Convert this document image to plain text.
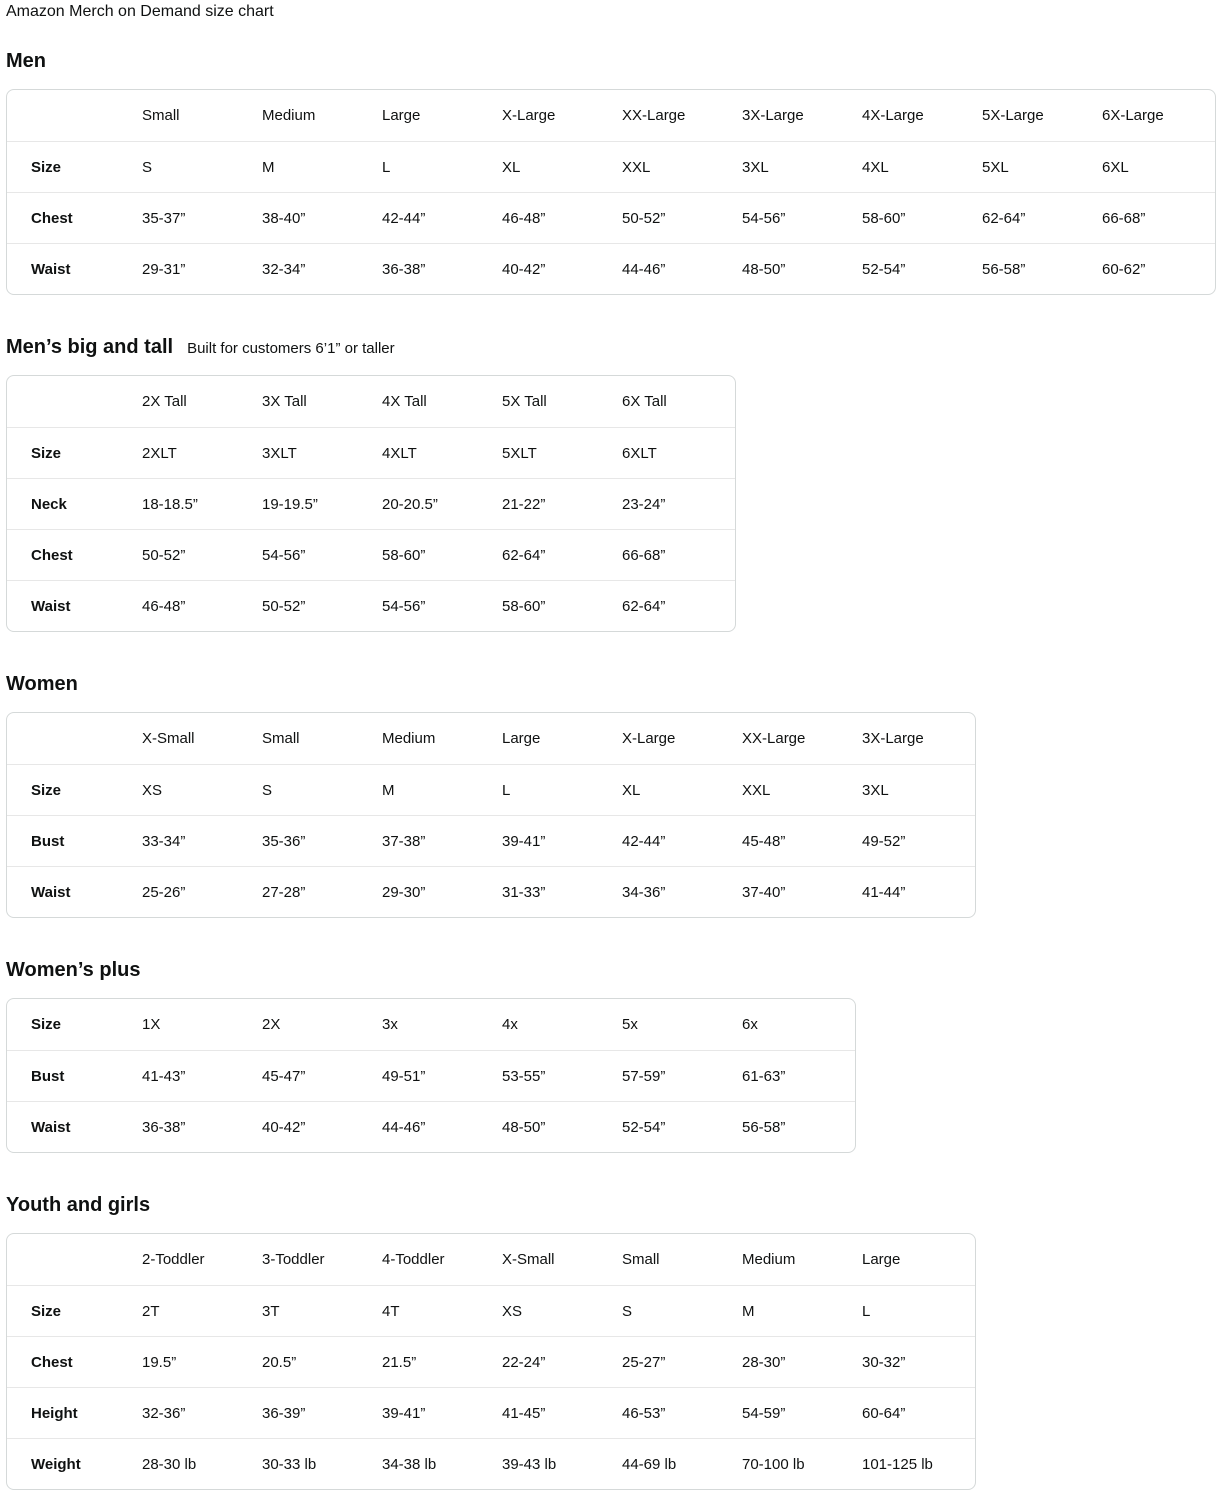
Amazon Merch on Demand size chart
Men
	Small	Medium	Large	X-Large	XX-Large	3X-Large	4X-Large	5X-Large	6X-Large
Size	S	M	L	XL	XXL	3XL	4XL	5XL	6XL
Chest	35-37”	38-40”	42-44”	46-48”	50-52”	54-56”	58-60”	62-64”	66-68”
Waist	29-31”	32-34”	36-38”	40-42”	44-46”	48-50”	52-54”	56-58”	60-62”
Men’s big and tall Built for customers 6’1” or taller
	2X Tall	3X Tall	4X Tall	5X Tall	6X Tall
Size	2XLT	3XLT	4XLT	5XLT	6XLT
Neck	18-18.5”	19-19.5”	20-20.5”	21-22”	23-24”
Chest	50-52”	54-56”	58-60”	62-64”	66-68”
Waist	46-48”	50-52”	54-56”	58-60”	62-64”
Women
	X-Small	Small	Medium	Large	X-Large	XX-Large	3X-Large
Size	XS	S	M	L	XL	XXL	3XL
Bust	33-34”	35-36”	37-38”	39-41”	42-44”	45-48”	49-52”
Waist	25-26”	27-28”	29-30”	31-33”	34-36”	37-40”	41-44”
Women’s plus
Size	1X	2X	3x	4x	5x	6x
Bust	41-43”	45-47”	49-51”	53-55”	57-59”	61-63”
Waist	36-38”	40-42”	44-46”	48-50”	52-54”	56-58”
Youth and girls
	2-Toddler	3-Toddler	4-Toddler	X-Small	Small	Medium	Large
Size	2T	3T	4T	XS	S	M	L
Chest	19.5”	20.5”	21.5”	22-24”	25-27”	28-30”	30-32”
Height	32-36”	36-39”	39-41”	41-45”	46-53”	54-59”	60-64”
Weight	28-30 lb	30-33 lb	34-38 lb	39-43 lb	44-69 lb	70-100 lb	101-125 lb
